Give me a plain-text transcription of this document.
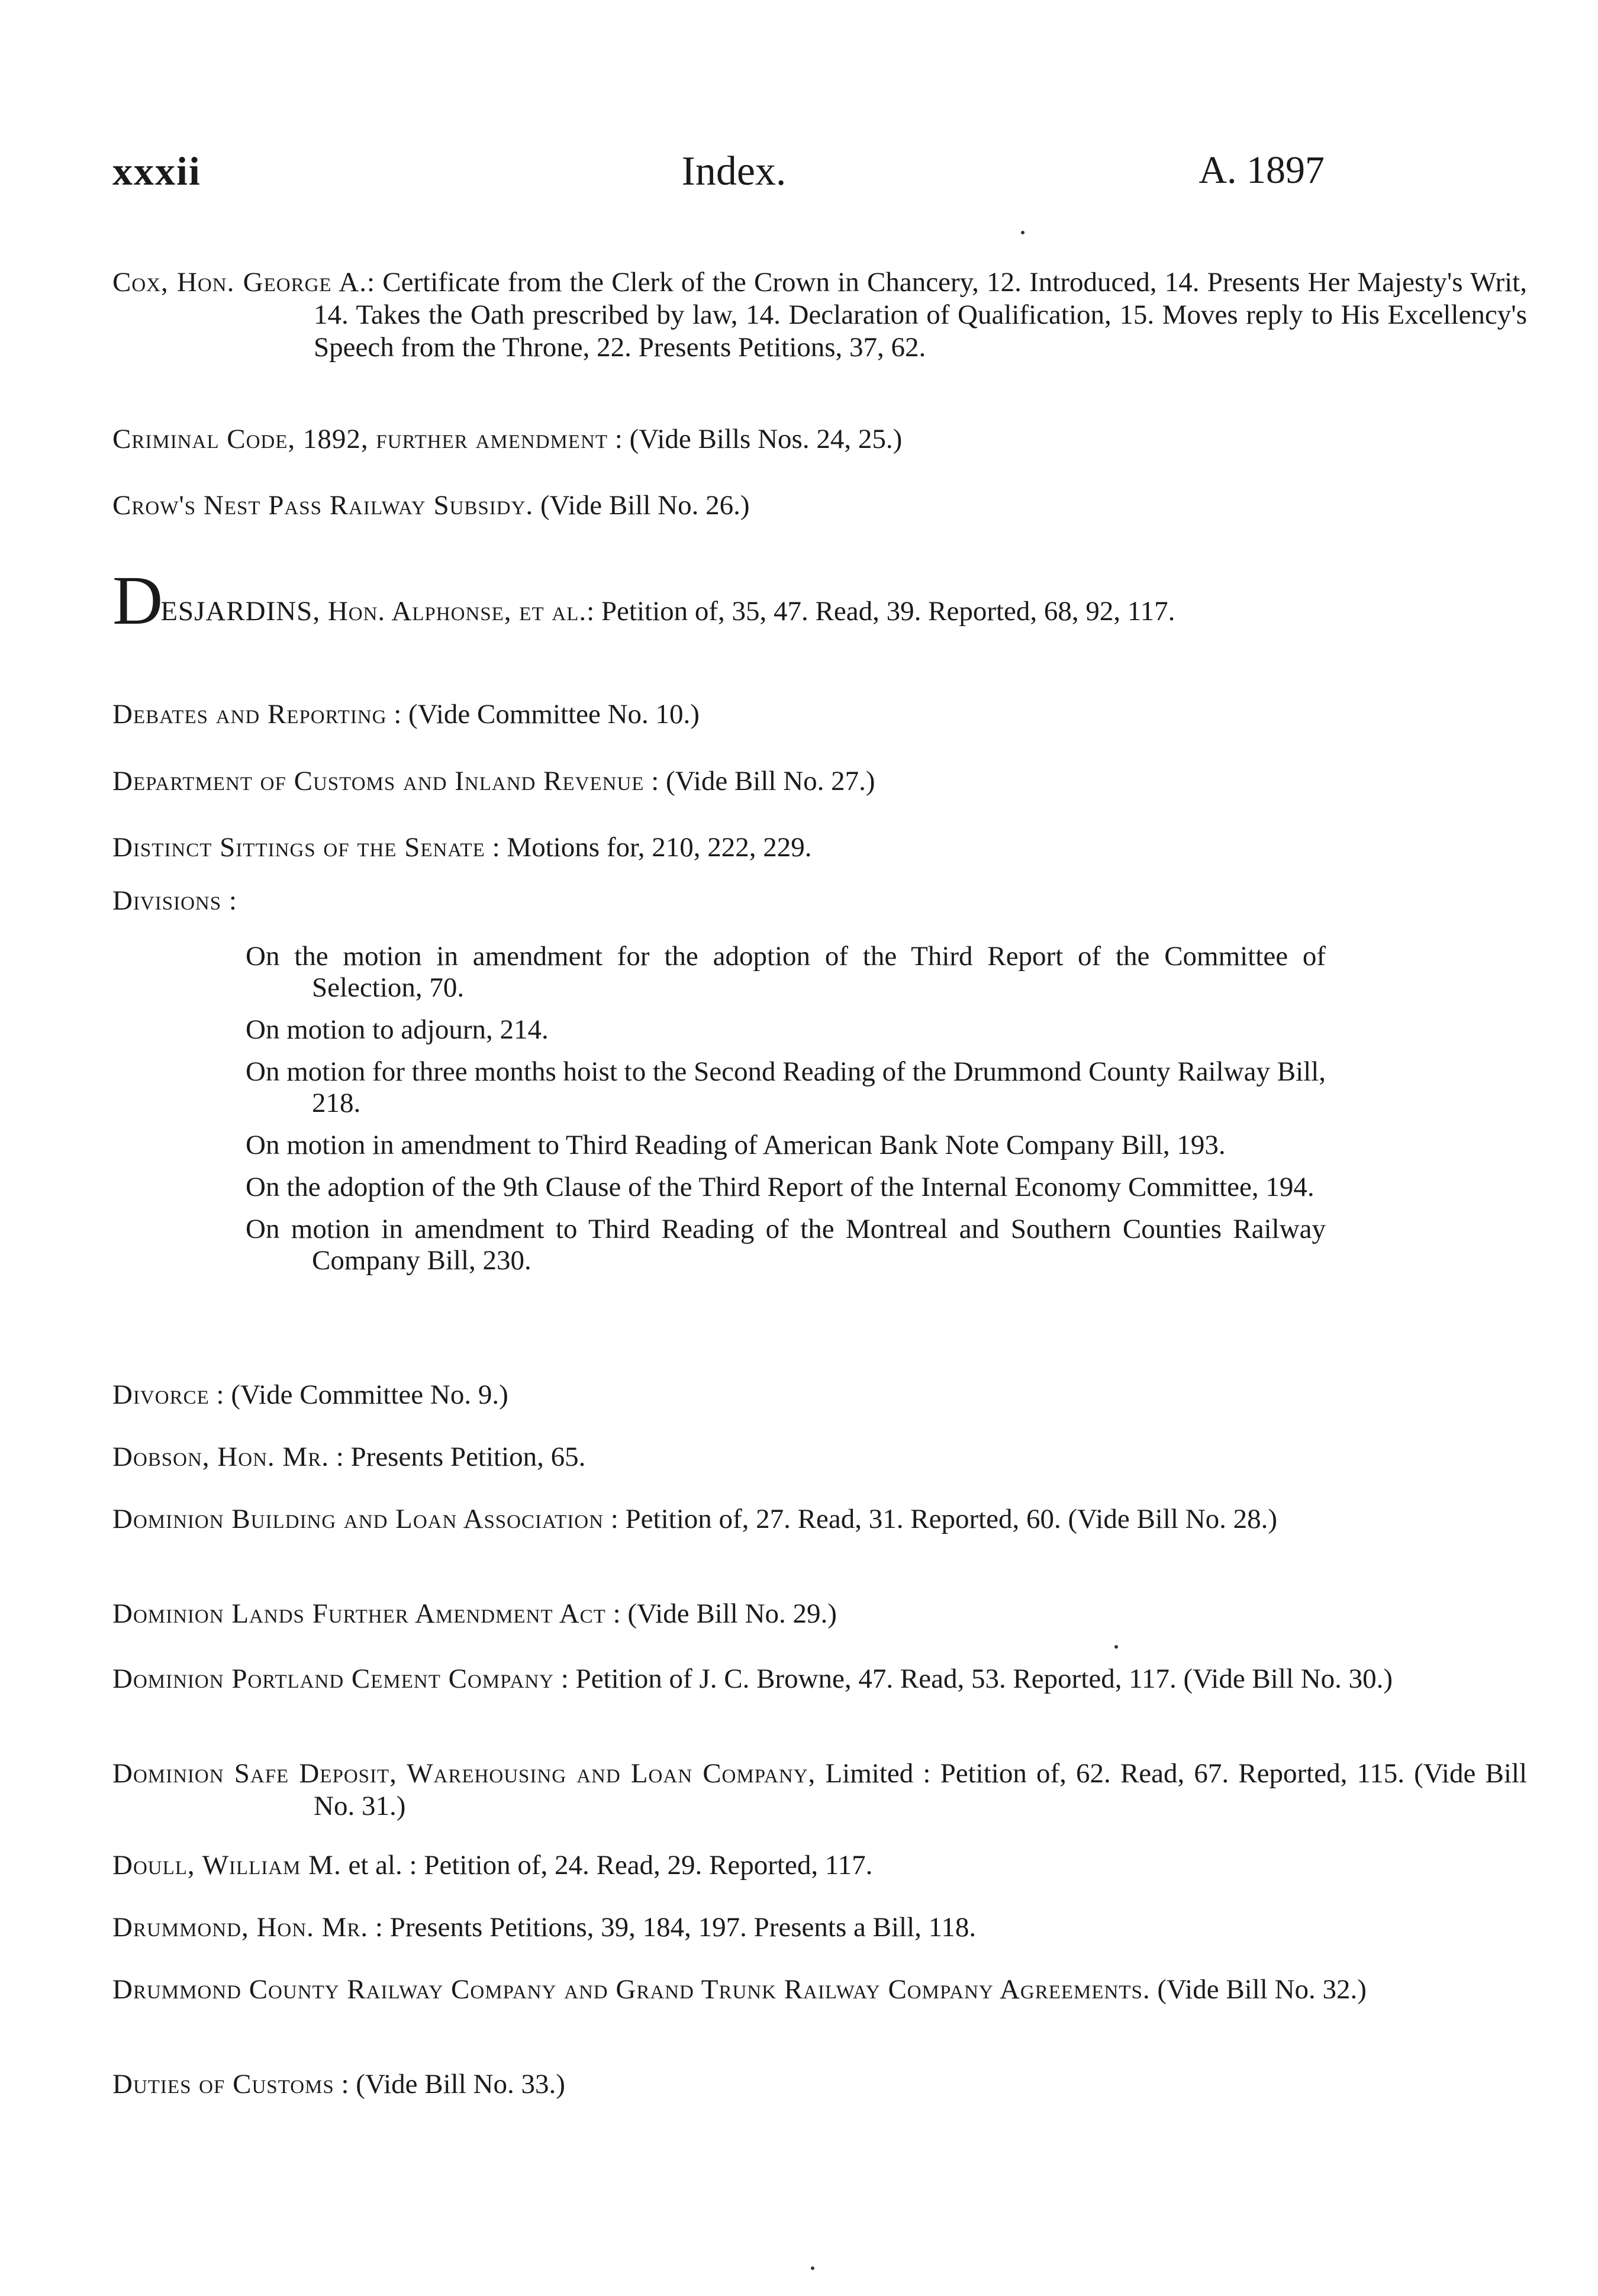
xxxii	Index.	A. 1897
Cox, Hon. George A.: Certificate from the Clerk of the Crown in Chancery, 12. Introduced, 14. Presents Her Majesty's Writ, 14. Takes the Oath prescribed by law, 14. Declaration of Qualification, 15. Moves reply to His Excellency's Speech from the Throne, 22. Presents Petitions, 37, 62.
Criminal Code, 1892, further amendment : (Vide Bills Nos. 24, 25.)
Crow's Nest Pass Railway Subsidy. (Vide Bill No. 26.)
DESJARDINS, Hon. Alphonse, et al.: Petition of, 35, 47. Read, 39. Reported, 68, 92, 117.
Debates and Reporting : (Vide Committee No. 10.)
Department of Customs and Inland Revenue : (Vide Bill No. 27.)
Distinct Sittings of the Senate : Motions for, 210, 222, 229.
Divisions :
On the motion in amendment for the adoption of the Third Report of the Committee of Selection, 70.
On motion to adjourn, 214.
On motion for three months hoist to the Second Reading of the Drummond County Railway Bill, 218.
On motion in amendment to Third Reading of American Bank Note Company Bill, 193.
On the adoption of the 9th Clause of the Third Report of the Internal Economy Committee, 194.
On motion in amendment to Third Reading of the Montreal and Southern Counties Railway Company Bill, 230.
Divorce : (Vide Committee No. 9.)
Dobson, Hon. Mr. : Presents Petition, 65.
Dominion Building and Loan Association : Petition of, 27. Read, 31. Reported, 60. (Vide Bill No. 28.)
Dominion Lands Further Amendment Act : (Vide Bill No. 29.)
Dominion Portland Cement Company : Petition of J. C. Browne, 47. Read, 53. Reported, 117. (Vide Bill No. 30.)
Dominion Safe Deposit, Warehousing and Loan Company, Limited : Petition of, 62. Read, 67. Reported, 115. (Vide Bill No. 31.)
Doull, William M. et al. : Petition of, 24. Read, 29. Reported, 117.
Drummond, Hon. Mr. : Presents Petitions, 39, 184, 197. Presents a Bill, 118.
Drummond County Railway Company and Grand Trunk Railway Company Agreements. (Vide Bill No. 32.)
Duties of Customs : (Vide Bill No. 33.)
